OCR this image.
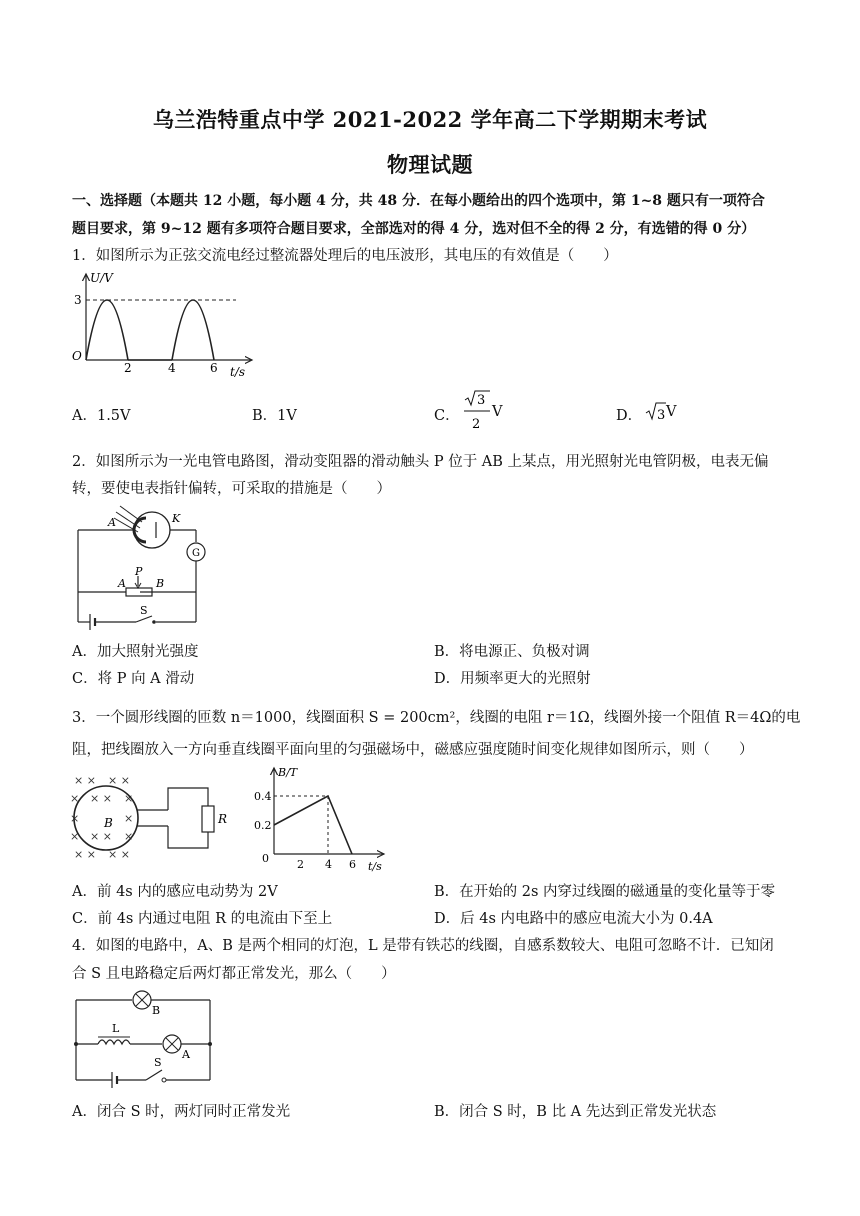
乌兰浩特重点中学 2021-2022 学年高二下学期期末考试
物理试题
一、选择题（本题共 12 小题，每小题 4 分，共 48 分．在每小题给出的四个选项中，第 1~8 题只有一项符合
题目要求，第 9~12 题有多项符合题目要求，全部选对的得 4 分，选对但不全的得 2 分，有选错的得 0 分）
1．如图所示为正弦交流电经过整流器处理后的电压波形，其电压的有效值是（　　）
U/V
3
O
2	4	6 t/s
A．1.5V	B．1V	C．
3
2
V	D． 3 V
2．如图所示为一光电管电路图，滑动变阻器的滑动触头 P 位于 AB 上某点，用光照射光电管阴极，电表无偏
转，要使电表指针偏转，可采取的措施是（　　）
G
P
A	B
S
A	K
A．加大照射光强度	B．将电源正、负极对调
C．将 P 向 A 滑动	D．用频率更大的光照射
3．一个圆形线圈的匝数 n＝1000，线圈面积 S = 200cm²，线圈的电阻 r＝1Ω，线圈外接一个阻值 R＝4Ω的电
阻，把线圈放入一方向垂直线圈平面向里的匀强磁场中，磁感应强度随时间变化规律如图所示，则（　　）
× × × ×
× × × ×
×	×
× × × ×
× × × ×
B	R
B/T
0.4
0.2
0	2 4 6 t/s
A．前 4s 内的感应电动势为 2V	B．在开始的 2s 内穿过线圈的磁通量的变化量等于零
C．前 4s 内通过电阻 R 的电流由下至上	D．后 4s 内电路中的感应电流大小为 0.4A
4．如图的电路中，A、B 是两个相同的灯泡，L 是带有铁芯的线圈，自感系数较大、电阻可忽略不计．已知闭
合 S 且电路稳定后两灯都正常发光，那么（　　）
B
L
A
S
A．闭合 S 时，两灯同时正常发光	B．闭合 S 时，B 比 A 先达到正常发光状态
